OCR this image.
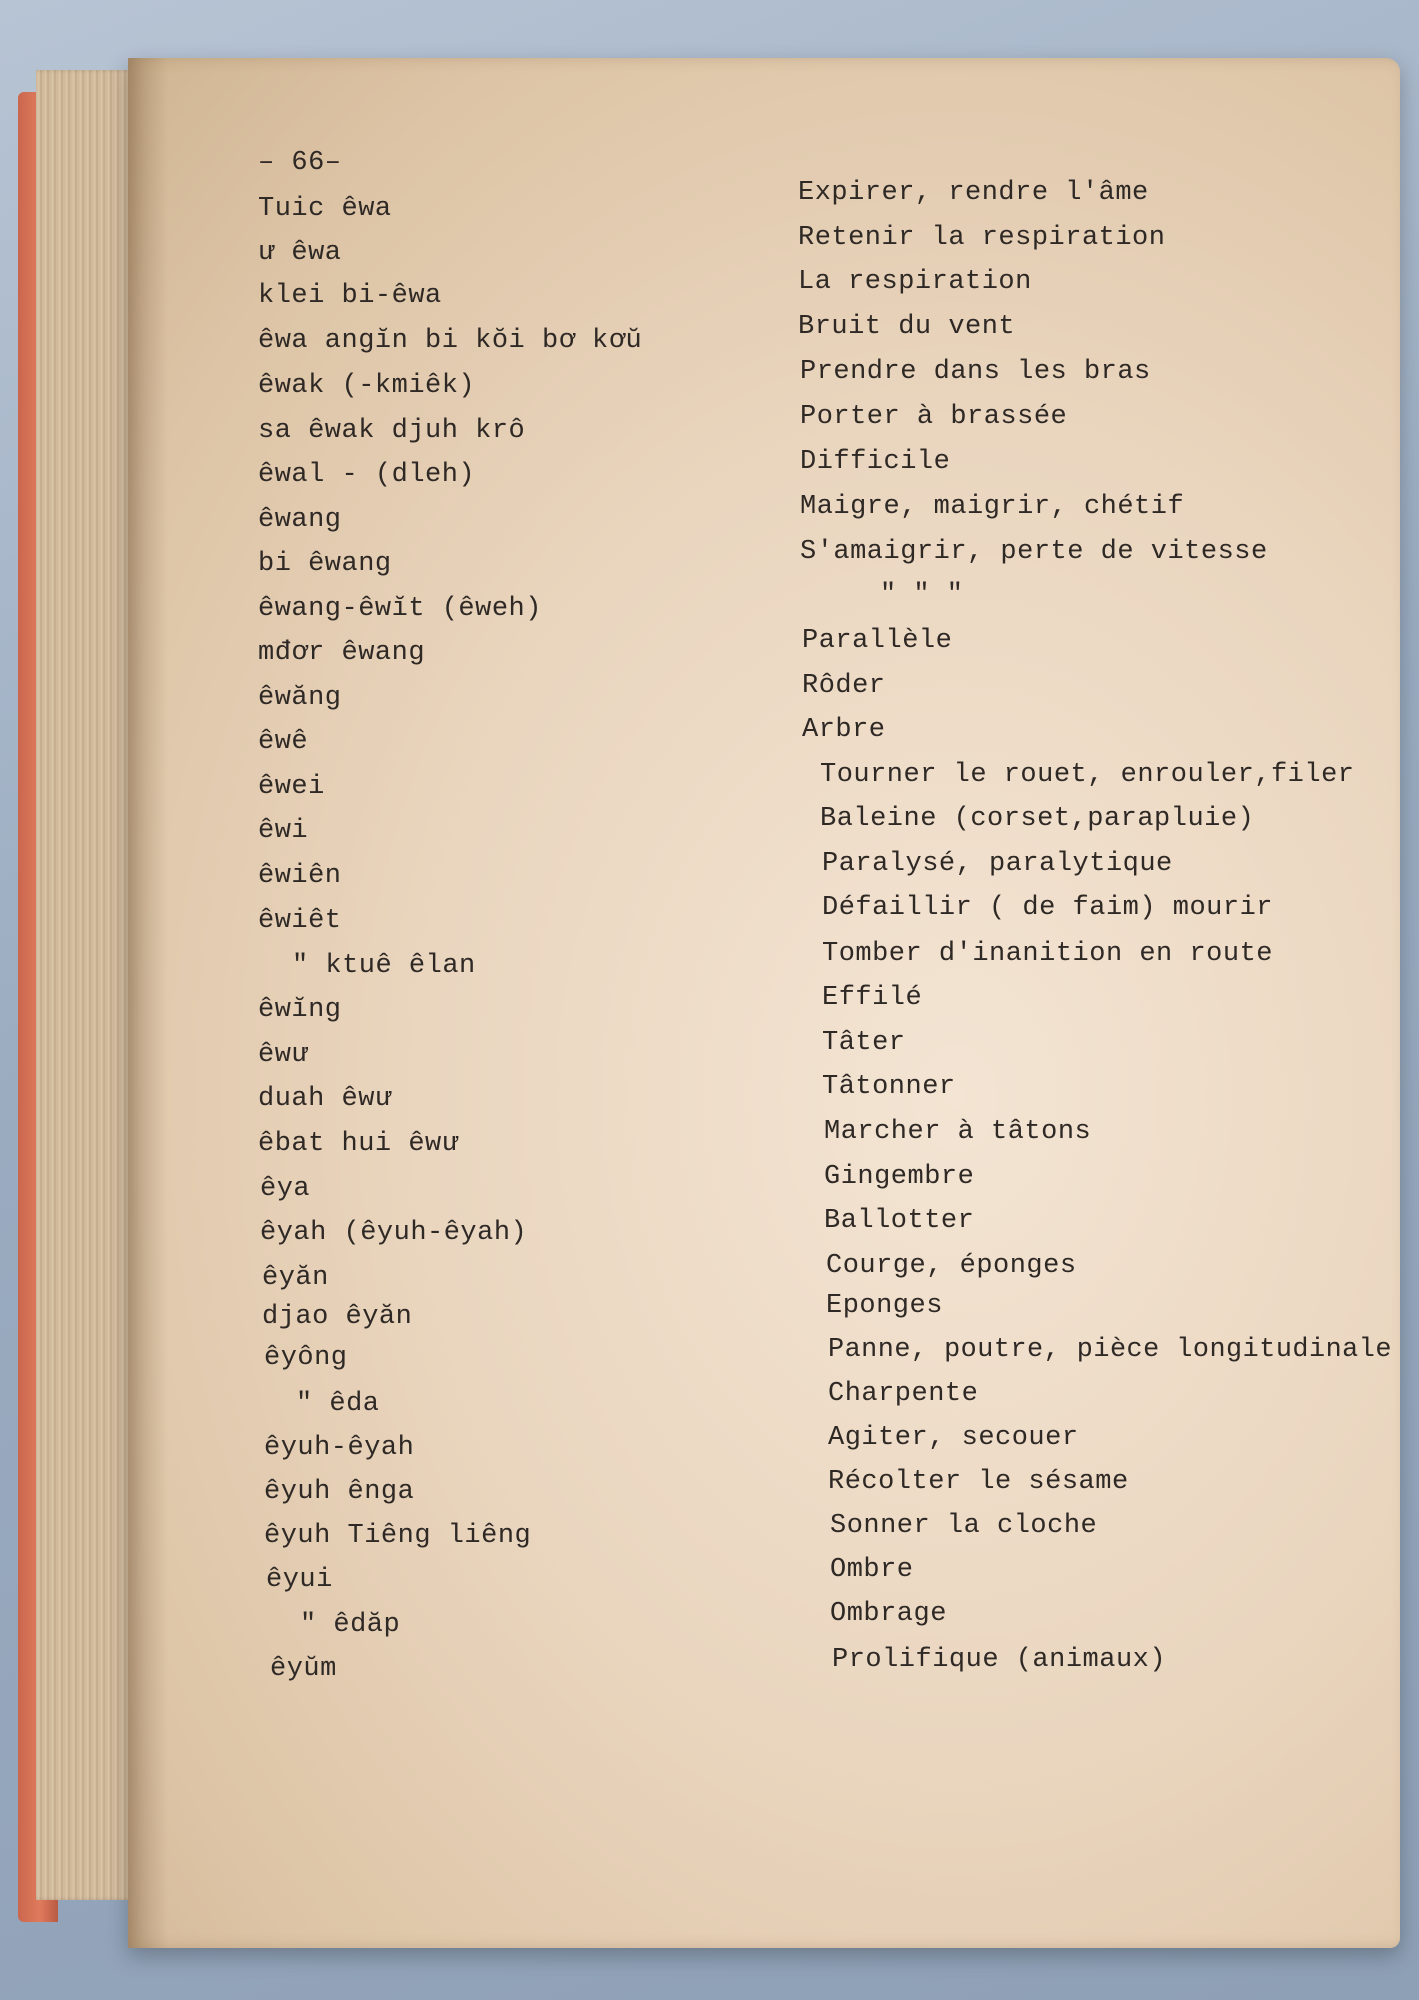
– 66–
Tuic êwa
ư êwa
klei bi-êwa
êwa angĭn bi kŏi bơ kơŭ
êwak (-kmiêk)
sa êwak djuh krô
êwal - (dleh)
êwang
bi êwang
êwang-êwĭt (êweh)
mđơr êwang
êwăng
êwê
êwei
êwi
êwiên
êwiêt
" ktuê êlan
êwĭng
êwư
duah êwư
êbat hui êwư
êya
êyah (êyuh-êyah)
êyăn
djao êyăn
êyông
" êda
êyuh-êyah
êyuh ênga
êyuh Tiêng liêng
êyui
" êdăp
êyŭm
Expirer, rendre l'âme
Retenir la respiration
La respiration
Bruit du vent
Prendre dans les bras
Porter à brassée
Difficile
Maigre, maigrir, chétif
S'amaigrir, perte de vitesse
" " "
Parallèle
Rôder
Arbre
Tourner le rouet, enrouler,filer
Baleine (corset,parapluie)
Paralysé, paralytique
Défaillir ( de faim) mourir
Tomber d'inanition en route
Effilé
Tâter
Tâtonner
Marcher à tâtons
Gingembre
Ballotter
Courge, éponges
Eponges
Panne, poutre, pièce longitudinale
Charpente
Agiter, secouer
Récolter le sésame
Sonner la cloche
Ombre
Ombrage
Prolifique (animaux)
